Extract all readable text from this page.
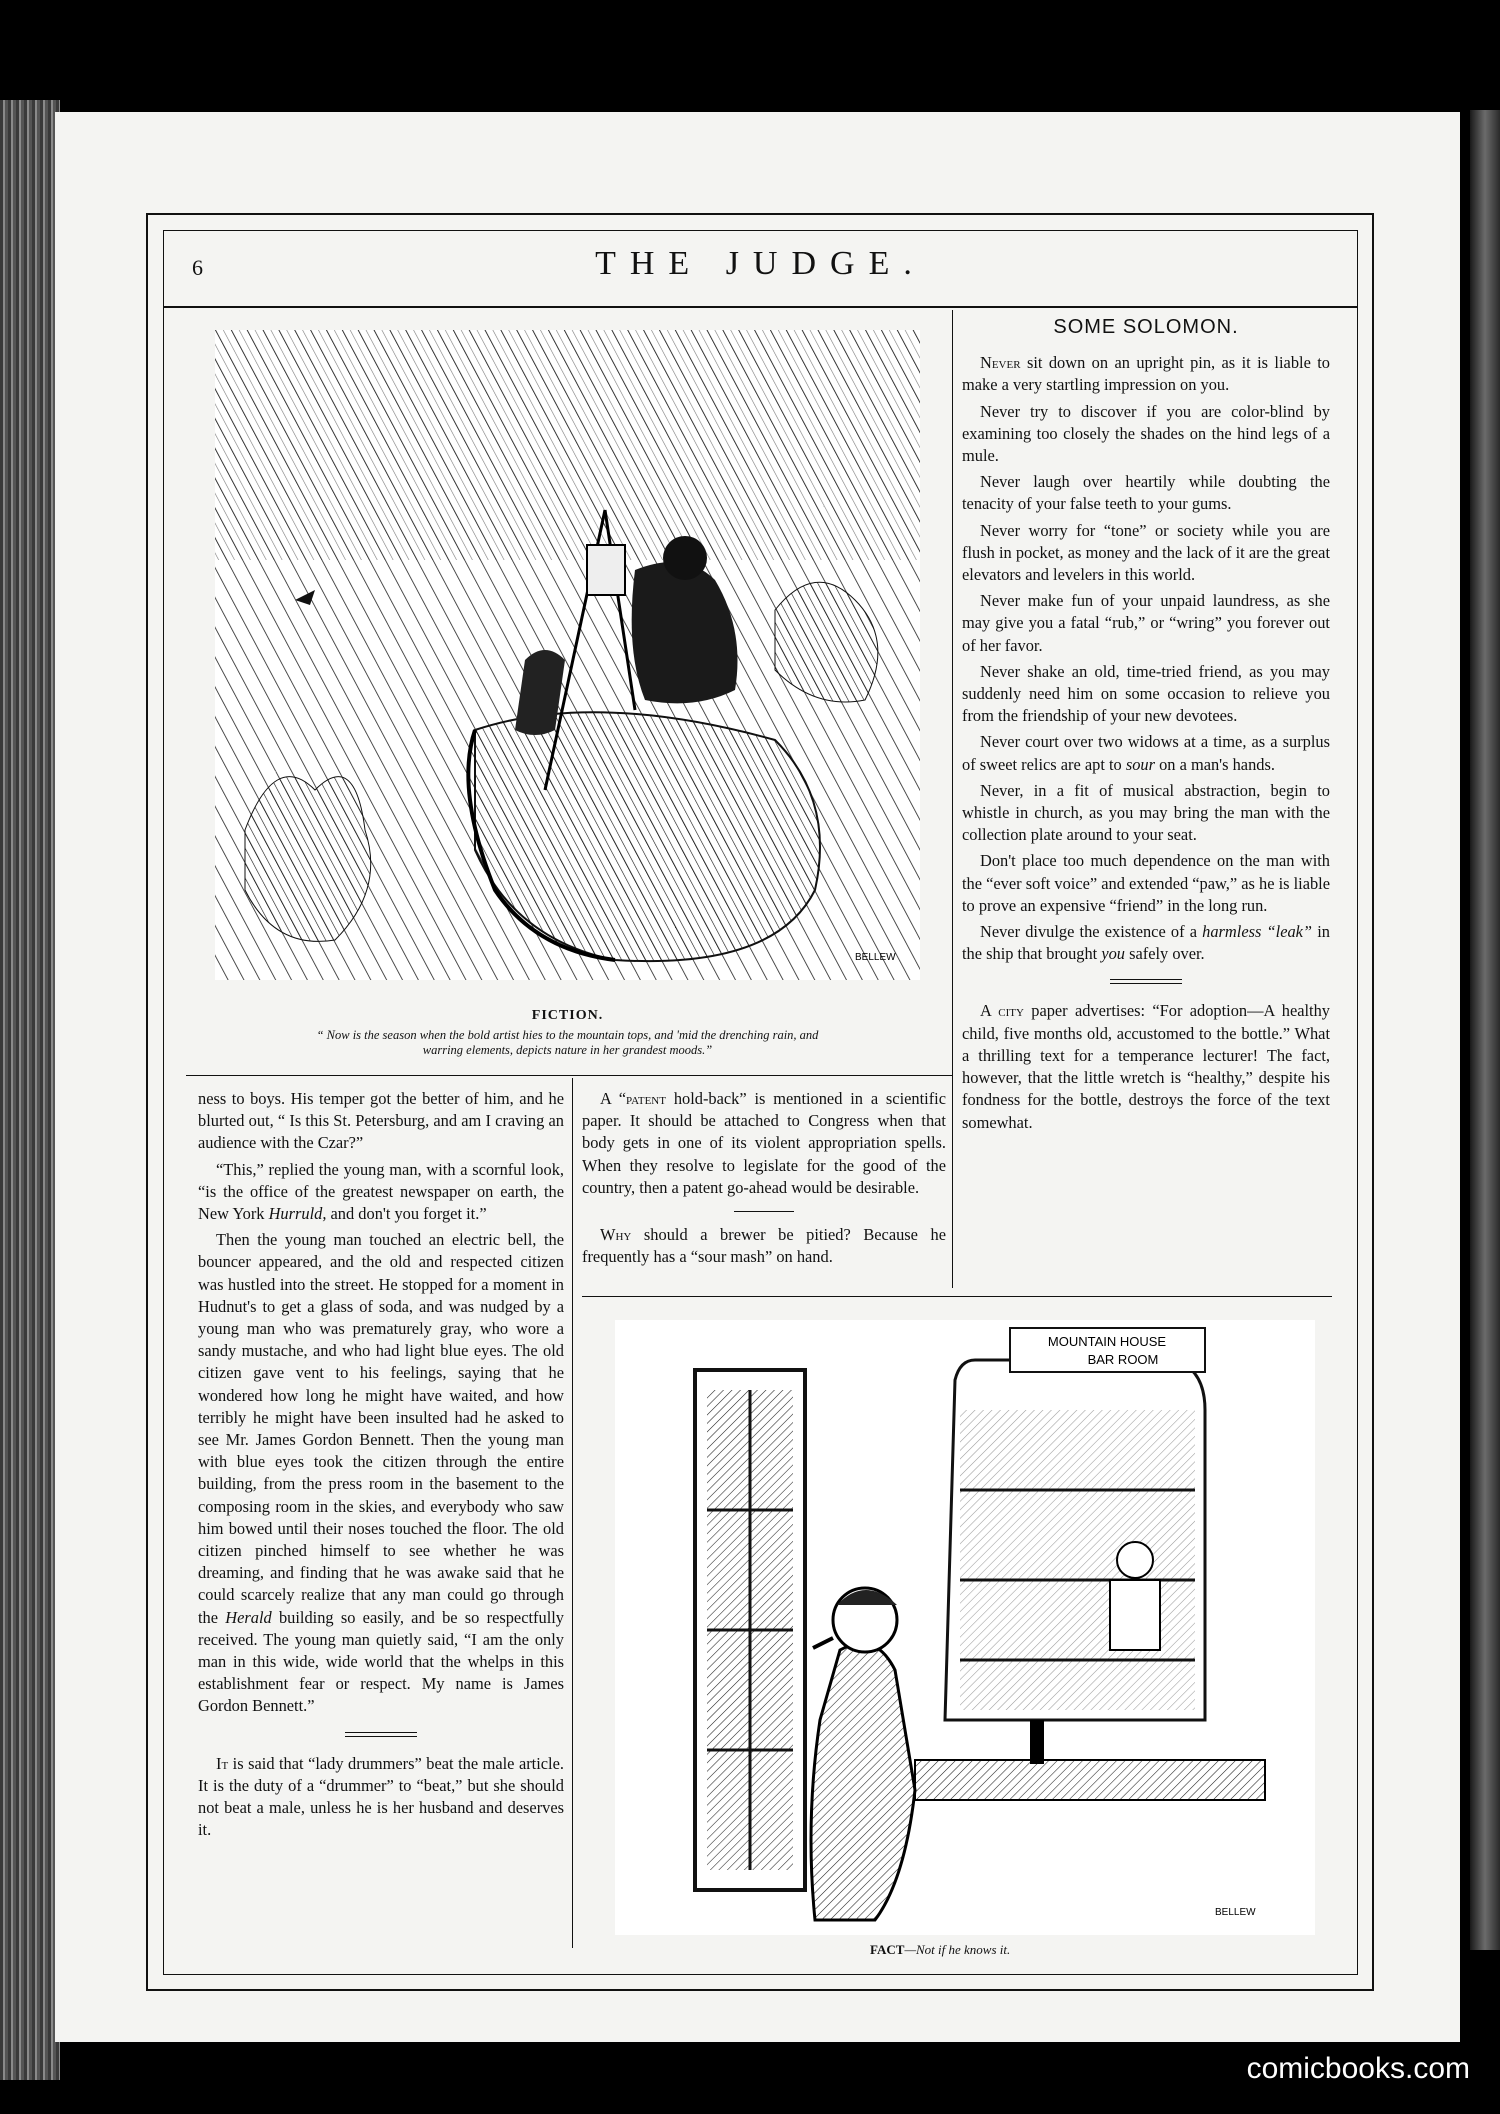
6	THE JUDGE.
BELLEW
FICTION.
“ Now is the season when the bold artist hies to the mountain tops, and 'mid the drenching rain, and
warring elements, depicts nature in her grandest moods.”
SOME SOLOMON.

Never sit down on an upright pin, as it is liable to make a very startling impression on you.

Never try to discover if you are color-blind by examining too closely the shades on the hind legs of a mule.

Never laugh over heartily while doubting the tenacity of your false teeth to your gums.

Never worry for “tone” or society while you are flush in pocket, as money and the lack of it are the great elevators and levelers in this world.

Never make fun of your unpaid laundress, as she may give you a fatal “rub,” or “wring” you forever out of her favor.

Never shake an old, time-tried friend, as you may suddenly need him on some occasion to relieve you from the friendship of your new devotees.

Never court over two widows at a time, as a surplus of sweet relics are apt to sour on a man's hands.

Never, in a fit of musical abstraction, begin to whistle in church, as you may bring the man with the collection plate around to your seat.

Don't place too much dependence on the man with the “ever soft voice” and extended “paw,” as he is liable to prove an expensive “friend” in the long run.

Never divulge the existence of a harmless “leak” in the ship that brought you safely over.

A city paper advertises: “For adoption—A healthy child, five months old, accustomed to the bottle.” What a thrilling text for a temperance lecturer! The fact, however, that the little wretch is “healthy,” despite his fondness for the bottle, destroys the force of the text somewhat.

ness to boys. His temper got the better of him, and he blurted out, “ Is this St. Petersburg, and am I craving an audience with the Czar?”

“This,” replied the young man, with a scornful look, “is the office of the greatest newspaper on earth, the New York Hurruld, and don't you forget it.”

Then the young man touched an electric bell, the bouncer appeared, and the old and respected citizen was hustled into the street. He stopped for a moment in Hudnut's to get a glass of soda, and was nudged by a young man who was prematurely gray, who wore a sandy mustache, and who had light blue eyes. The old citizen gave vent to his feelings, saying that he wondered how long he might have waited, and how terribly he might have been insulted had he asked to see Mr. James Gordon Bennett. Then the young man with blue eyes took the citizen through the entire building, from the press room in the basement to the composing room in the skies, and everybody who saw him bowed until their noses touched the floor. The old citizen pinched himself to see whether he was dreaming, and finding that he was awake said that he could scarcely realize that any man could go through the Herald building so easily, and be so respectfully received. The young man quietly said, “I am the only man in this wide, wide world that the whelps in this establishment fear or respect. My name is James Gordon Bennett.”

It is said that “lady drummers” beat the male article. It is the duty of a “drummer” to “beat,” but she should not beat a male, unless he is her husband and deserves it.

A “patent hold-back” is mentioned in a scientific paper. It should be attached to Congress when that body gets in one of its violent appropriation spells. When they resolve to legislate for the good of the country, then a patent go-ahead would be desirable.

Why should a brewer be pitied? Because he frequently has a “sour mash” on hand.

MOUNTAIN HOUSE
BAR ROOM
BELLEW
FACT—Not if he knows it.
comicbooks.com
